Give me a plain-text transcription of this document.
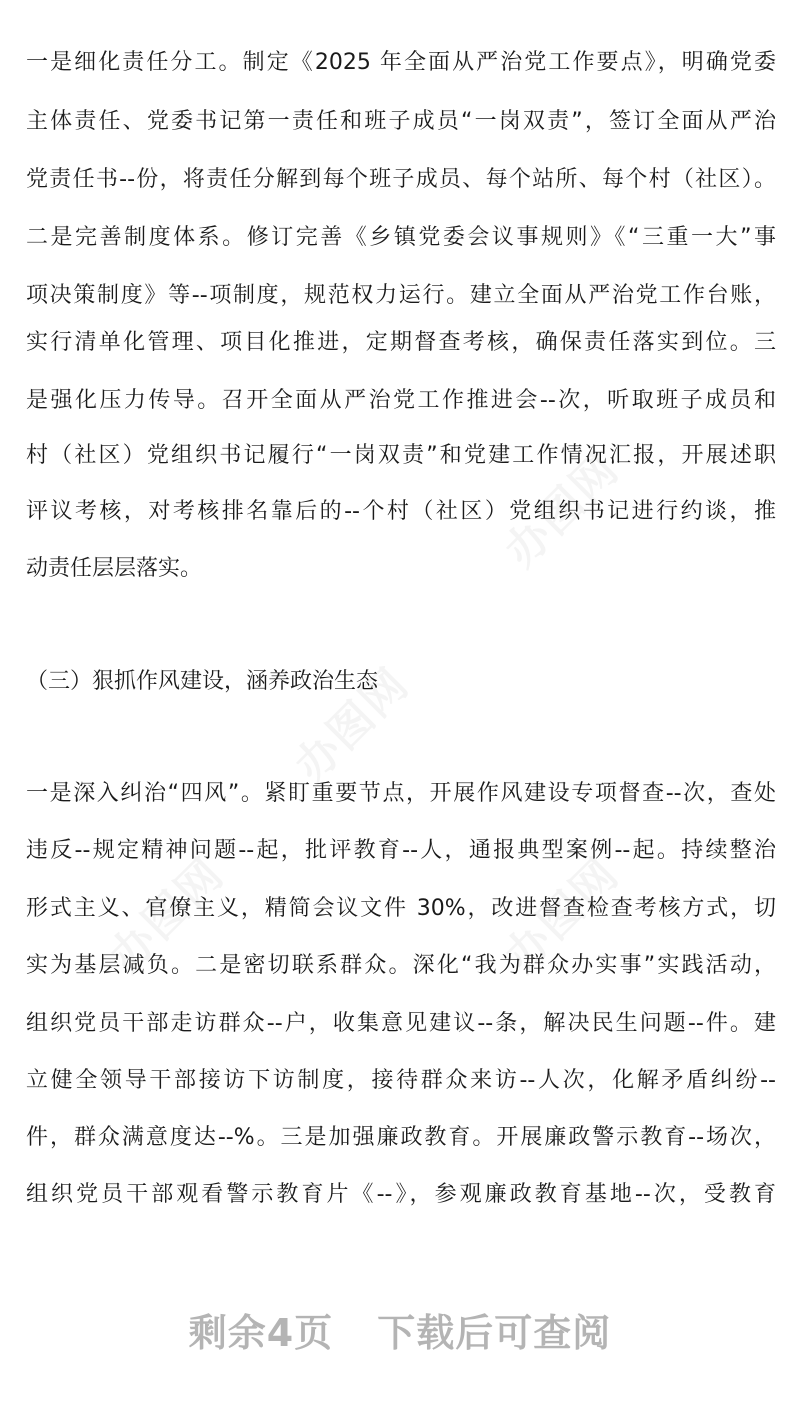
一是细化责任分工。制定《2025 年全面从严治党工作要点》，明确党委
主体责任、党委书记第一责任和班子成员“一岗双责”，签订全面从严治
党责任书--份，将责任分解到每个班子成员、每个站所、每个村（社区）。
二是完善制度体系。修订完善《乡镇党委会议事规则》《“三重一大”事
项决策制度》等--项制度，规范权力运行。建立全面从严治党工作台账，
实行清单化管理、项目化推进，定期督查考核，确保责任落实到位。三
是强化压力传导。召开全面从严治党工作推进会--次，听取班子成员和
村（社区）党组织书记履行“一岗双责”和党建工作情况汇报，开展述职
评议考核，对考核排名靠后的--个村（社区）党组织书记进行约谈，推
动责任层层落实。
（三）狠抓作风建设，涵养政治生态
一是深入纠治“四风”。紧盯重要节点，开展作风建设专项督查--次，查处
违反--规定精神问题--起，批评教育--人，通报典型案例--起。持续整治
形式主义、官僚主义，精简会议文件 30%，改进督查检查考核方式，切
实为基层减负。二是密切联系群众。深化“我为群众办实事”实践活动，
组织党员干部走访群众--户，收集意见建议--条，解决民生问题--件。建
立健全领导干部接访下访制度，接待群众来访--人次，化解矛盾纠纷--
件，群众满意度达--%。三是加强廉政教育。开展廉政警示教育--场次，
组织党员干部观看警示教育片《--》，参观廉政教育基地--次，受教育
剩余4页 下载后可查阅
